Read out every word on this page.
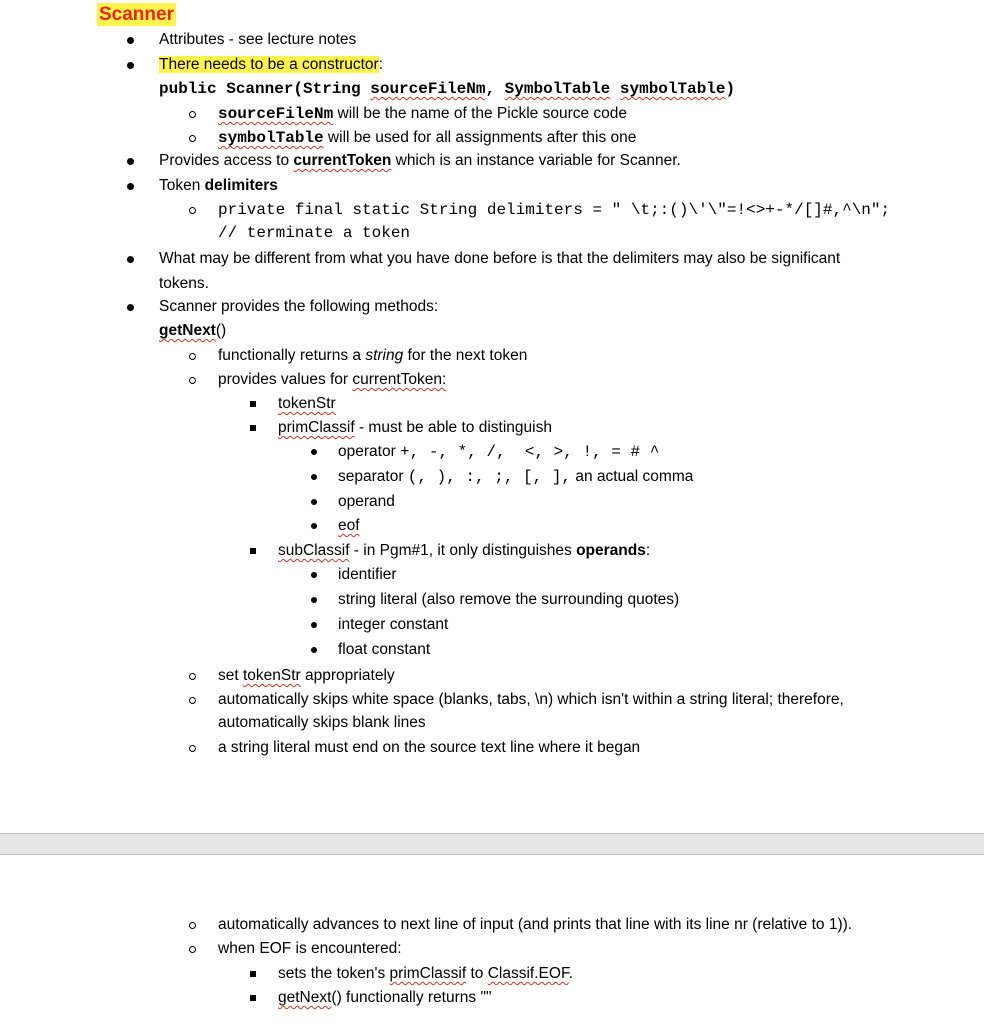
Scanner
Attributes - see lecture notes
There needs to be a constructor:
public Scanner(String sourceFileNm, SymbolTable symbolTable)
sourceFileNm will be the name of the Pickle source code
symbolTable will be used for all assignments after this one
Provides access to currentToken which is an instance variable for Scanner.
Token delimiters
private final static String delimiters = " \t;:()\'\"=!<>+-*/[]#,^\n";
// terminate a token
What may be different from what you have done before is that the delimiters may also be significant
tokens.
Scanner provides the following methods:
getNext()
functionally returns a string for the next token
provides values for currentToken:
tokenStr
primClassif - must be able to distinguish
operator +, -, *, /,  <, >, !, = # ^
separator (, ), :, ;, [, ], an actual comma
operand
eof
subClassif - in Pgm#1, it only distinguishes operands:
identifier
string literal (also remove the surrounding quotes)
integer constant
float constant
set tokenStr appropriately
automatically skips white space (blanks, tabs, \n) which isn't within a string literal; therefore,
automatically skips blank lines
a string literal must end on the source text line where it began
automatically advances to next line of input (and prints that line with its line nr (relative to 1)).
when EOF is encountered:
sets the token's primClassif to Classif.EOF.
getNext() functionally returns ""
